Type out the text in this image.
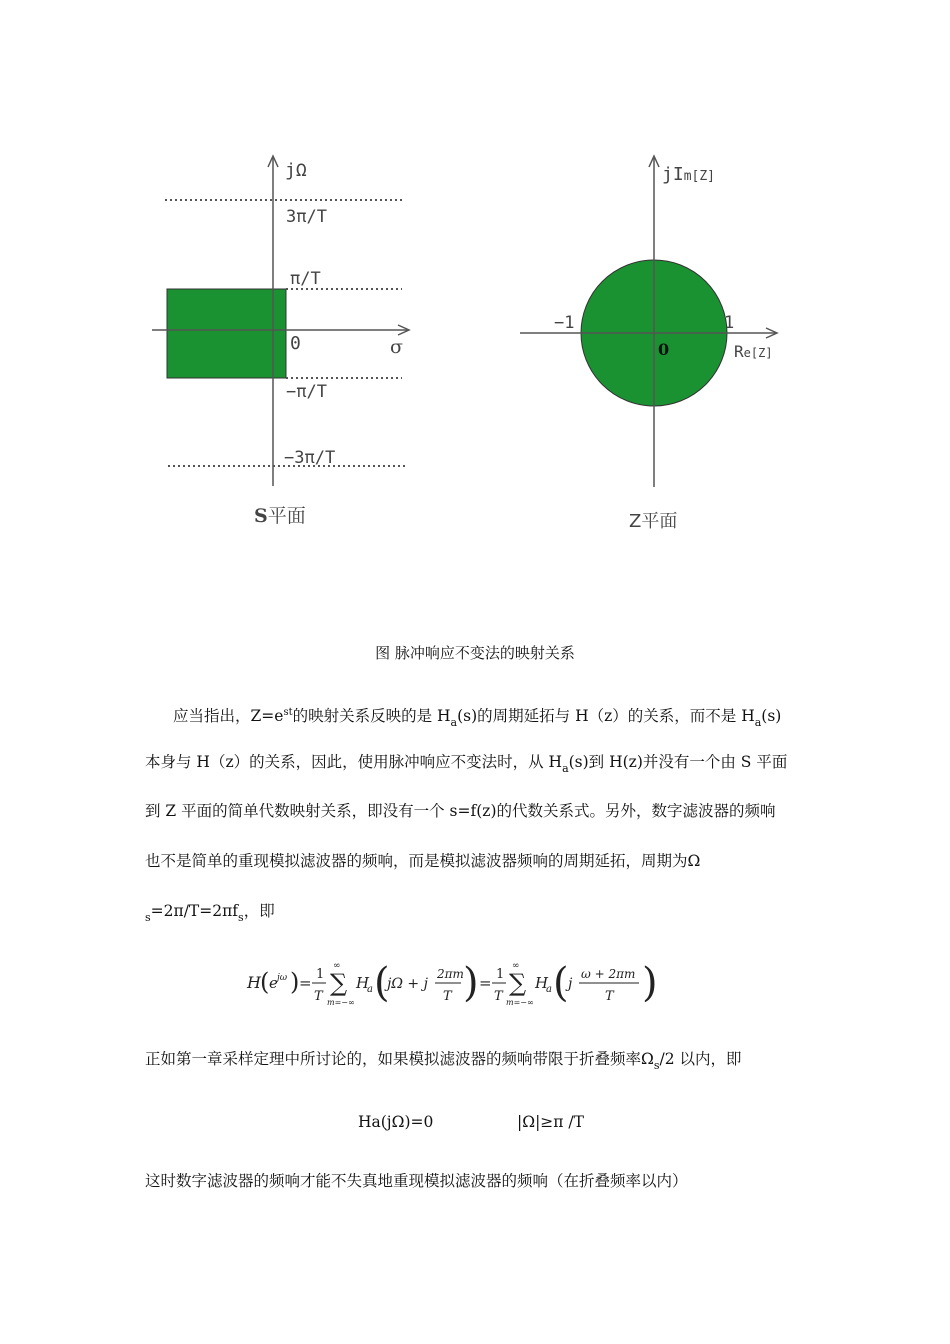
jΩ
σ
0
3π/T
π/T
−π/T
−3π/T
S平面
jIm[Z]
Re[Z]
−1	1
0
Z平面
图 脉冲响应不变法的映射关系
应当指出，$Z=e^{st}$的映射关系反映的是 $H_a(s)$的周期延拓与 H（z）的关系，而不是 $H_a(s)$
本身与 H（z）的关系，因此，使用脉冲响应不变法时，从 $H_a(s)$到 H(z)并没有一个由 S 平面
到 Z 平面的简单代数映射关系，即没有一个 s=f(z)的代数关系式。另外，数字滤波器的频响
也不是简单的重现模拟滤波器的频响，而是模拟滤波器频响的周期延拓，周期为Ω
$_s=2\pi/T=2\pi f_s$，即
H ( e jω ) = 1
T
∞
∑
m=−∞
H
a (
jΩ + j
2πm
T ) = 1
T
∞
∑
m=−∞
H
a ( j
ω + 2πm
T )
正如第一章采样定理中所讨论的，如果模拟滤波器的频响带限于折叠频率$\Omega_s/2$ 以内，即
Ha(jΩ)=0	|Ω|≥π /T
这时数字滤波器的频响才能不失真地重现模拟滤波器的频响（在折叠频率以内）
